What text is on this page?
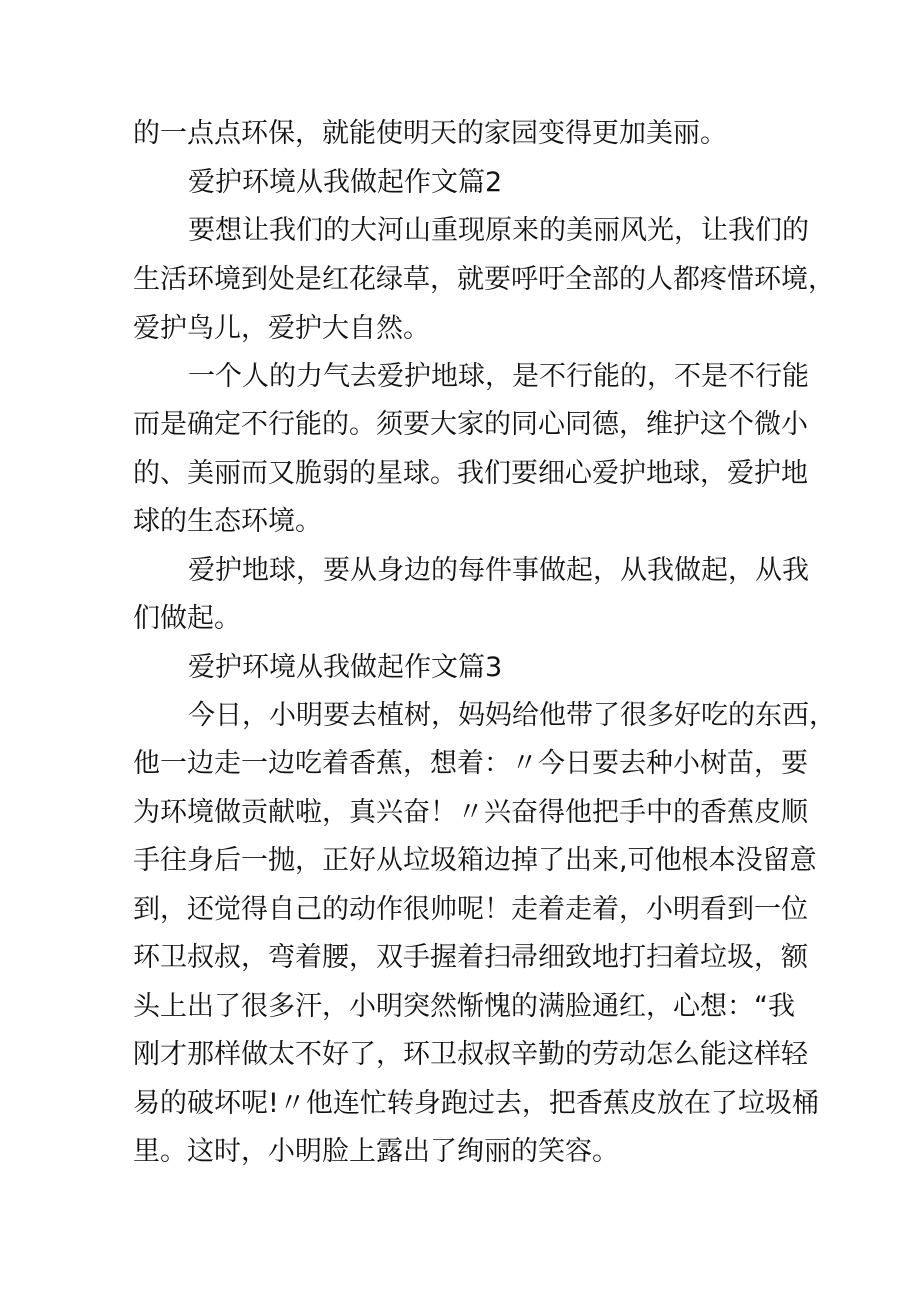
的一点点环保，就能使明天的家园变得更加美丽。
爱护环境从我做起作文篇2
要想让我们的大河山重现原来的美丽风光，让我们的
生活环境到处是红花绿草，就要呼吁全部的人都疼惜环境，
爱护鸟儿，爱护大自然。
一个人的力气去爱护地球，是不行能的，不是不行能
而是确定不行能的。须要大家的同心同德，维护这个微小
的、美丽而又脆弱的星球。我们要细心爱护地球，爱护地
球的生态环境。
爱护地球，要从身边的每件事做起，从我做起，从我
们做起。
爱护环境从我做起作文篇3
今日，小明要去植树，妈妈给他带了很多好吃的东西，
他一边走一边吃着香蕉，想着：〃今日要去种小树苗，要
为环境做贡献啦，真兴奋！〃兴奋得他把手中的香蕉皮顺
手往身后一抛，正好从垃圾箱边掉了出来,可他根本没留意
到，还觉得自己的动作很帅呢！走着走着，小明看到一位
环卫叔叔，弯着腰，双手握着扫帚细致地打扫着垃圾，额
头上出了很多汗，小明突然惭愧的满脸通红，心想：“我
刚才那样做太不好了，环卫叔叔辛勤的劳动怎么能这样轻
易的破坏呢!〃他连忙转身跑过去，把香蕉皮放在了垃圾桶
里。这时，小明脸上露出了绚丽的笑容。
